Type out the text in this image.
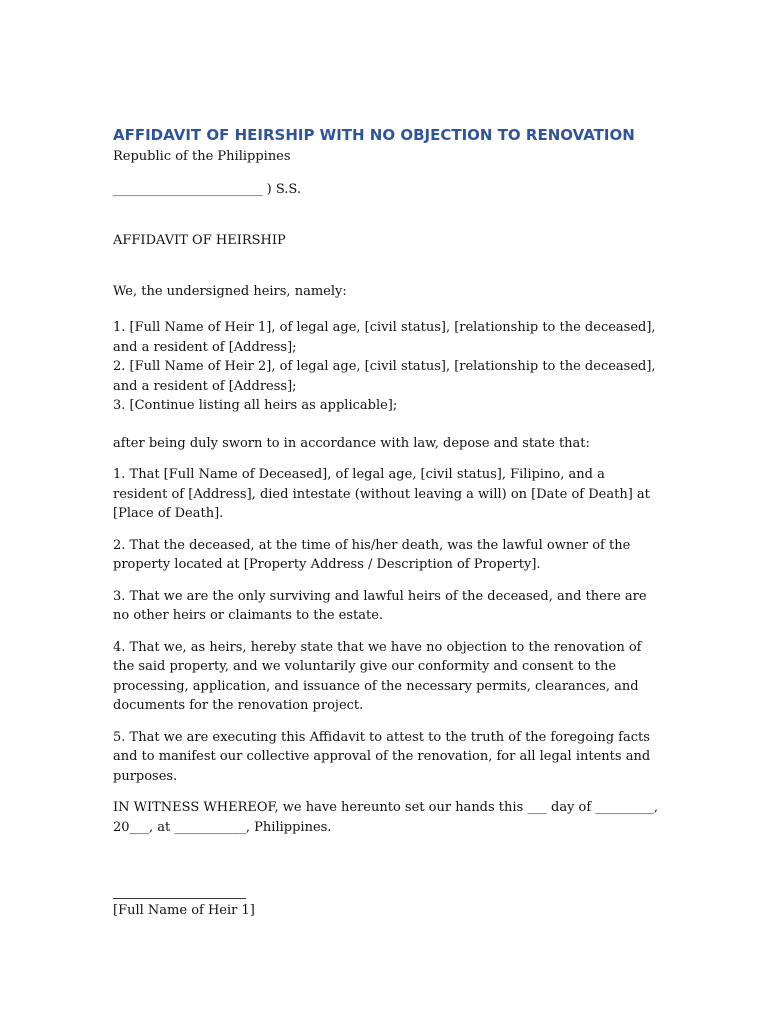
AFFIDAVIT OF HEIRSHIP WITH NO OBJECTION TO RENOVATION

Republic of the Philippines

_______________________ ) S.S.

AFFIDAVIT OF HEIRSHIP

We, the undersigned heirs, namely:

1. [Full Name of Heir 1], of legal age, [civil status], [relationship to the deceased], and a resident of [Address];

2. [Full Name of Heir 2], of legal age, [civil status], [relationship to the deceased], and a resident of [Address];

3. [Continue listing all heirs as applicable];

after being duly sworn to in accordance with law, depose and state that:

1. That [Full Name of Deceased], of legal age, [civil status], Filipino, and a resident of [Address], died intestate (without leaving a will) on [Date of Death] at [Place of Death].

2. That the deceased, at the time of his/her death, was the lawful owner of the property located at [Property Address / Description of Property].

3. That we are the only surviving and lawful heirs of the deceased, and there are no other heirs or claimants to the estate.

4. That we, as heirs, hereby state that we have no objection to the renovation of the said property, and we voluntarily give our conformity and consent to the processing, application, and issuance of the necessary permits, clearances, and documents for the renovation project.

5. That we are executing this Affidavit to attest to the truth of the foregoing facts and to manifest our collective approval of the renovation, for all legal intents and purposes.

IN WITNESS WHEREOF, we have hereunto set our hands this ___ day of _________, 20___, at ___________, Philippines.

[Full Name of Heir 1]
